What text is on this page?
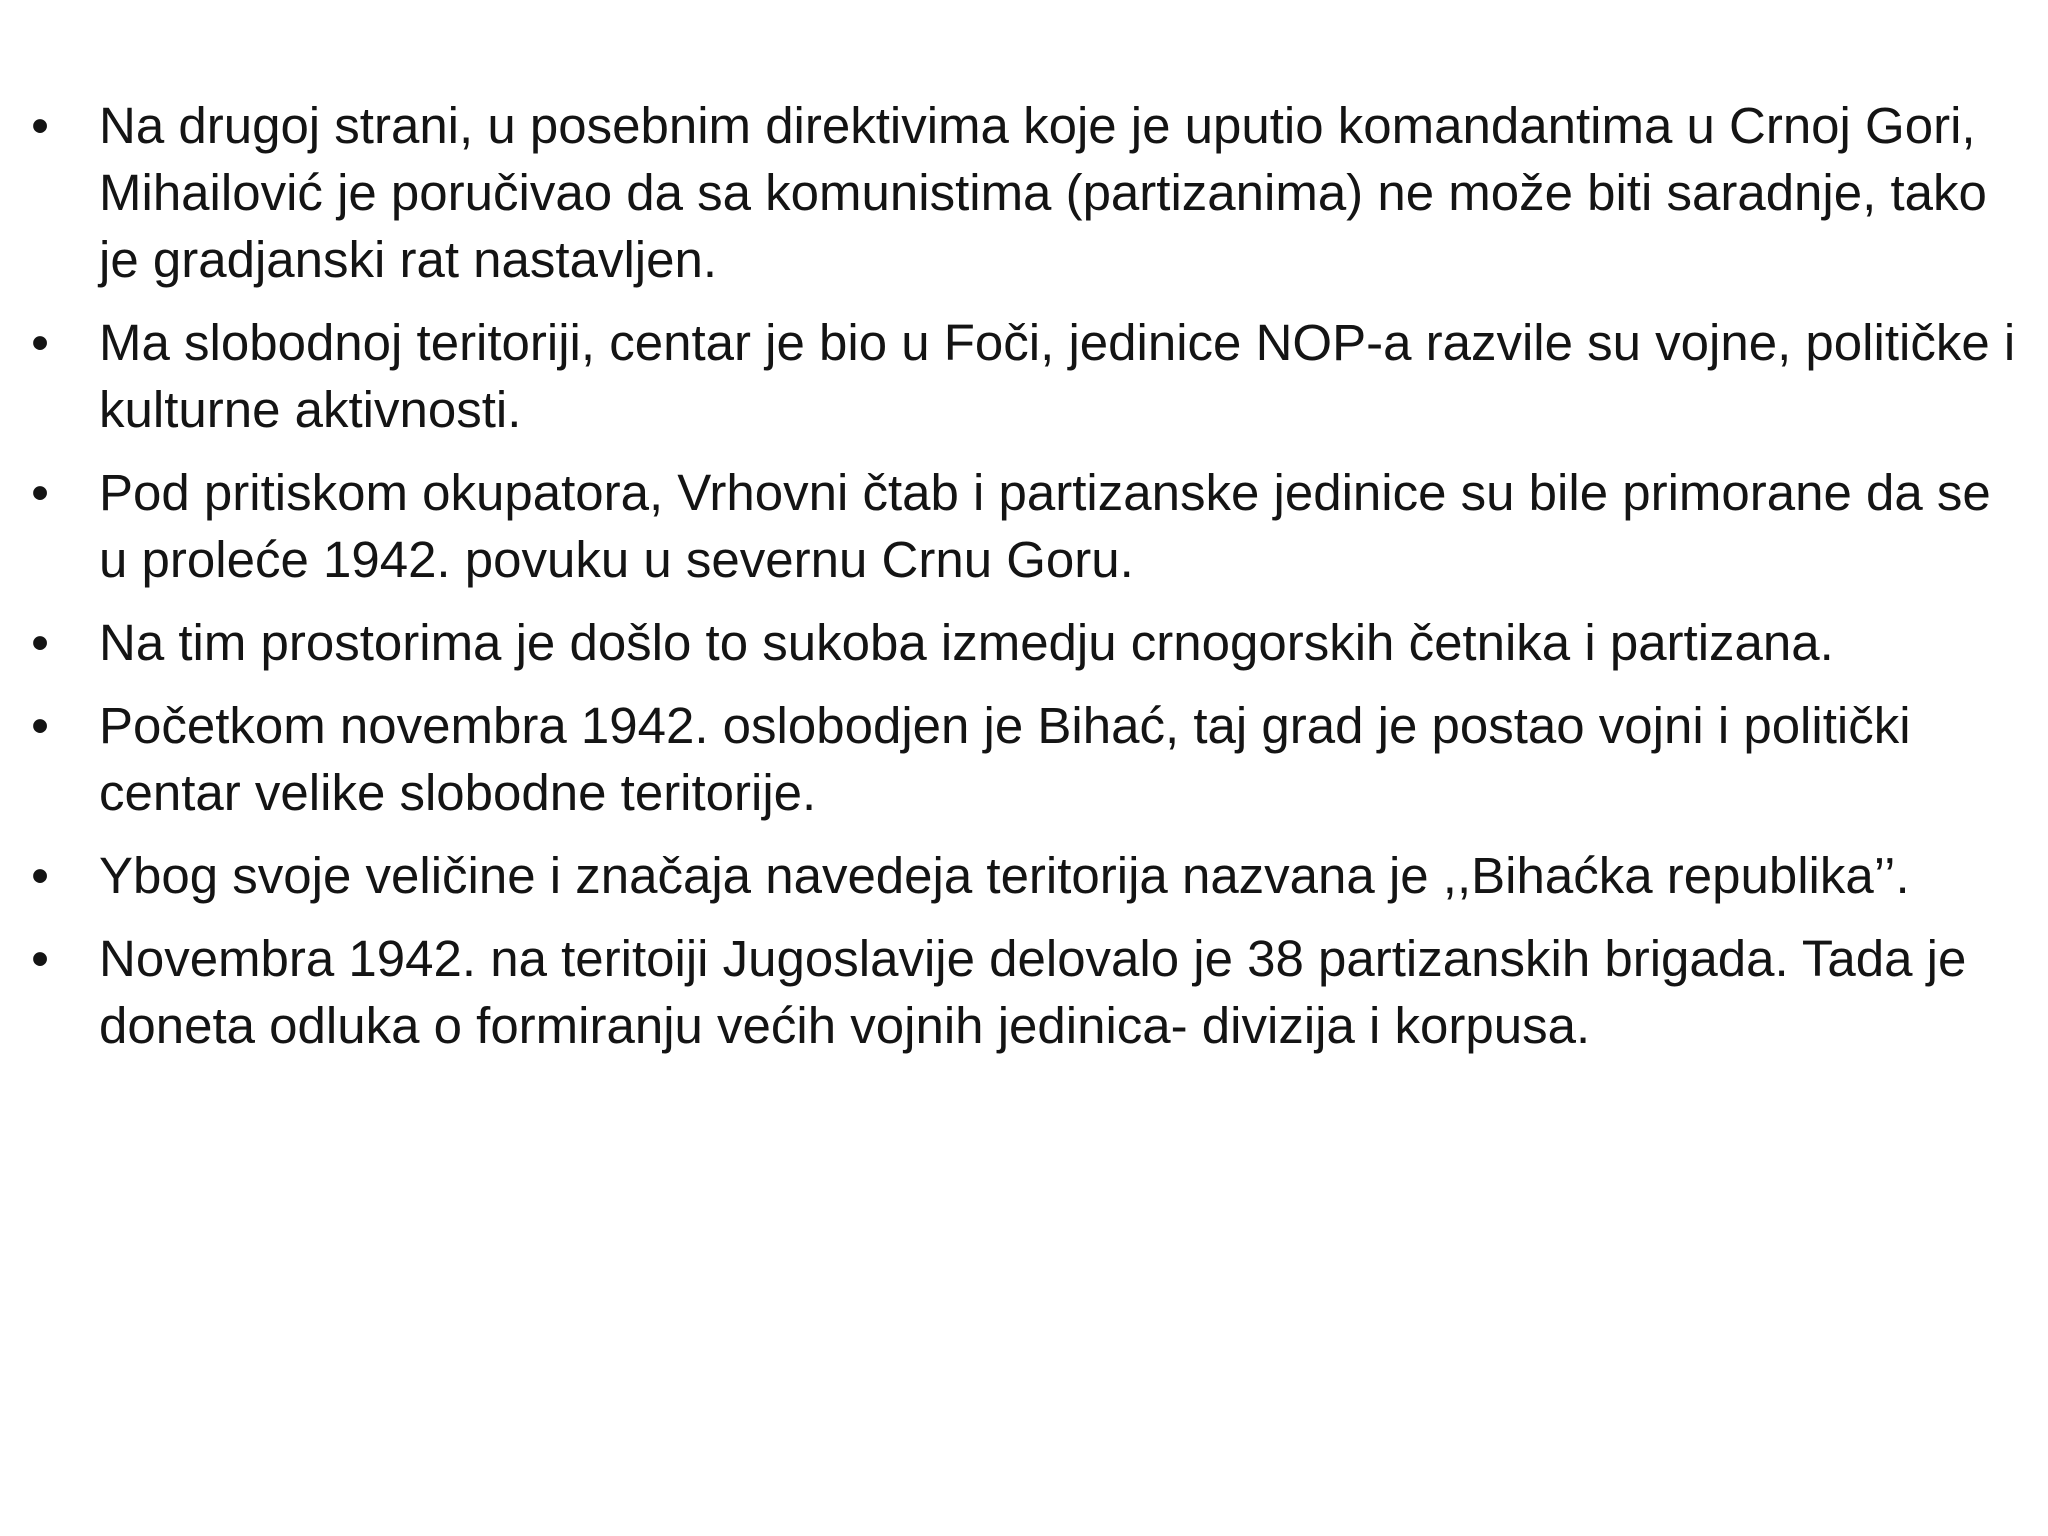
• Na drugoj strani, u posebnim direktivima koje je uputio komandantima u Crnoj Gori, Mihailović je poručivao da sa komunistima (partizanima) ne može biti saradnje, tako je gradjanski rat nastavljen.
• Ma slobodnoj teritoriji, centar je bio u Foči, jedinice NOP-a razvile su vojne, političke i kulturne aktivnosti.
• Pod pritiskom okupatora, Vrhovni čtab i partizanske jedinice su bile primorane da se u proleće 1942. povuku u severnu Crnu Goru.
• Na tim prostorima je došlo to sukoba izmedju crnogorskih četnika i partizana.
• Početkom novembra 1942. oslobodjen je Bihać, taj grad je postao vojni i politički centar velike slobodne teritorije.
• Ybog svoje veličine i značaja navedeja teritorija nazvana je ,,Bihaćka republika’’.
• Novembra 1942. na teritoiji Jugoslavije delovalo je 38 partizanskih brigada. Tada je doneta odluka o formiranju većih vojnih jedinica- divizija i korpusa.
